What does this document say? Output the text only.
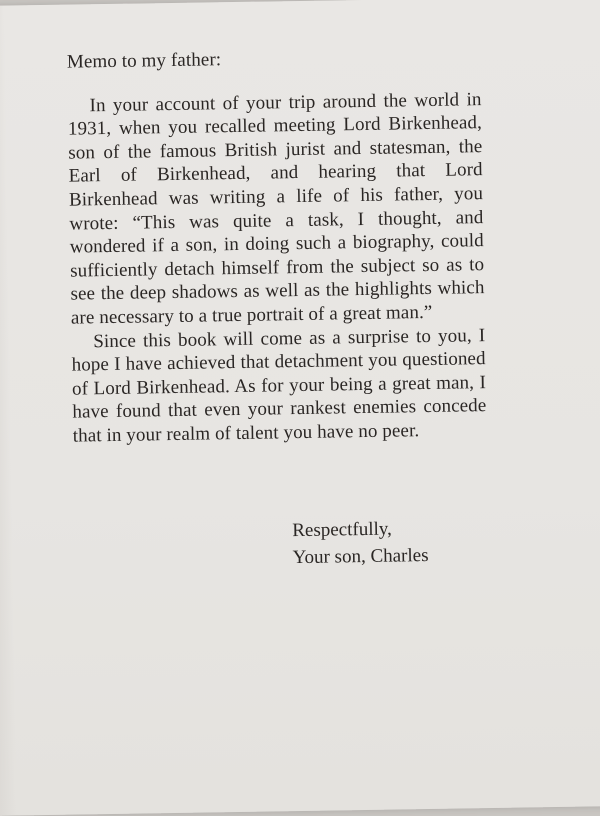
Memo to my father:

In your account of your trip around the world in 1931, when you recalled meeting Lord Birkenhead, son of the famous British jurist and statesman, the Earl of Birkenhead, and hearing that Lord Birkenhead was writing a life of his father, you wrote: “This was quite a task, I thought, and wondered if a son, in doing such a biography, could sufficiently detach himself from the subject so as to see the deep shadows as well as the highlights which are necessary to a true portrait of a great man.”

Since this book will come as a surprise to you, I hope I have achieved that detachment you questioned of Lord Birkenhead. As for your being a great man, I have found that even your rankest enemies concede that in your realm of talent you have no peer.

Respectfully,
Your son, Charles
